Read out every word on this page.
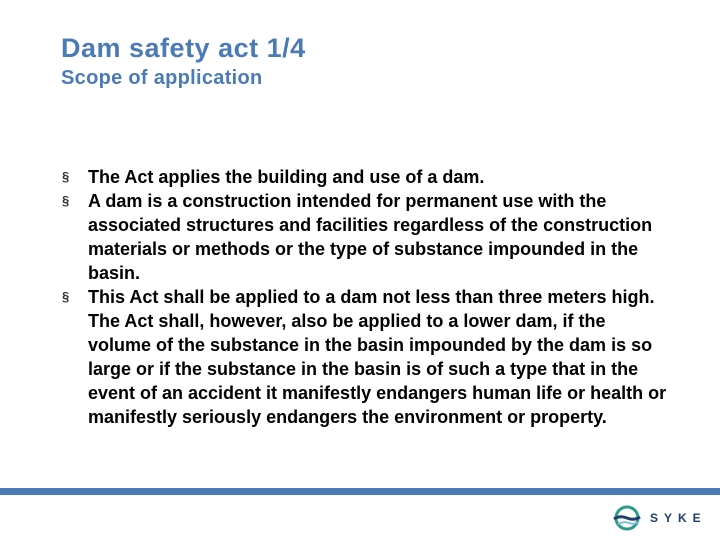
Dam safety act 1/4
Scope of application
§	The Act applies the building and use of a dam.
§	A dam is a construction intended for permanent use with the associated structures and facilities regardless of the construction materials or methods or the type of substance impounded in the basin.
§	This Act shall be applied to a dam not less than three meters high. The Act shall, however, also be applied to a lower dam, if the volume of the substance in the basin impounded by the dam is so large or if the substance in the basin is of such a type that in the event of an accident it manifestly endangers human life or health or manifestly seriously endangers the environment or property.
SYKE
